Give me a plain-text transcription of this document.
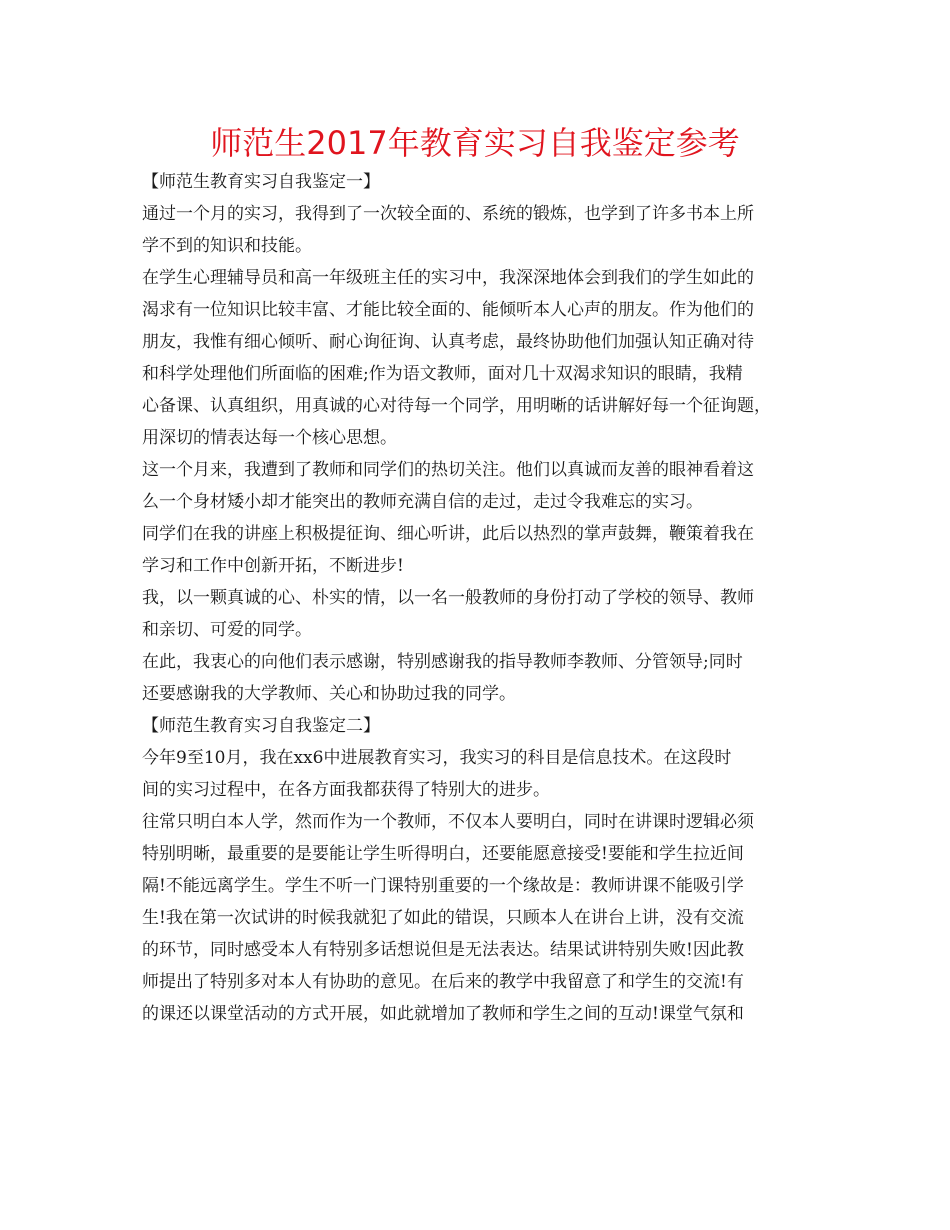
师范生2017年教育实习自我鉴定参考
【师范生教育实习自我鉴定一】
通过一个月的实习，我得到了一次较全面的、系统的锻炼，也学到了许多书本上所
学不到的知识和技能。
在学生心理辅导员和高一年级班主任的实习中，我深深地体会到我们的学生如此的
渴求有一位知识比较丰富、才能比较全面的、能倾听本人心声的朋友。作为他们的
朋友，我惟有细心倾听、耐心询征询、认真考虑，最终协助他们加强认知正确对待
和科学处理他们所面临的困难;作为语文教师，面对几十双渴求知识的眼睛，我精
心备课、认真组织，用真诚的心对待每一个同学，用明晰的话讲解好每一个征询题，
用深切的情表达每一个核心思想。
这一个月来，我遭到了教师和同学们的热切关注。他们以真诚而友善的眼神看着这
么一个身材矮小却才能突出的教师充满自信的走过，走过令我难忘的实习。
同学们在我的讲座上积极提征询、细心听讲，此后以热烈的掌声鼓舞，鞭策着我在
学习和工作中创新开拓，不断进步!
我，以一颗真诚的心、朴实的情，以一名一般教师的身份打动了学校的领导、教师
和亲切、可爱的同学。
在此，我衷心的向他们表示感谢，特别感谢我的指导教师李教师、分管领导;同时
还要感谢我的大学教师、关心和协助过我的同学。
【师范生教育实习自我鉴定二】
今年9至10月，我在xx6中进展教育实习，我实习的科目是信息技术。在这段时
间的实习过程中，在各方面我都获得了特别大的进步。
往常只明白本人学，然而作为一个教师，不仅本人要明白，同时在讲课时逻辑必须
特别明晰，最重要的是要能让学生听得明白，还要能愿意接受!要能和学生拉近间
隔!不能远离学生。学生不听一门课特别重要的一个缘故是：教师讲课不能吸引学
生!我在第一次试讲的时候我就犯了如此的错误，只顾本人在讲台上讲，没有交流
的环节，同时感受本人有特别多话想说但是无法表达。结果试讲特别失败!因此教
师提出了特别多对本人有协助的意见。在后来的教学中我留意了和学生的交流!有
的课还以课堂活动的方式开展，如此就增加了教师和学生之间的互动!课堂气氛和
